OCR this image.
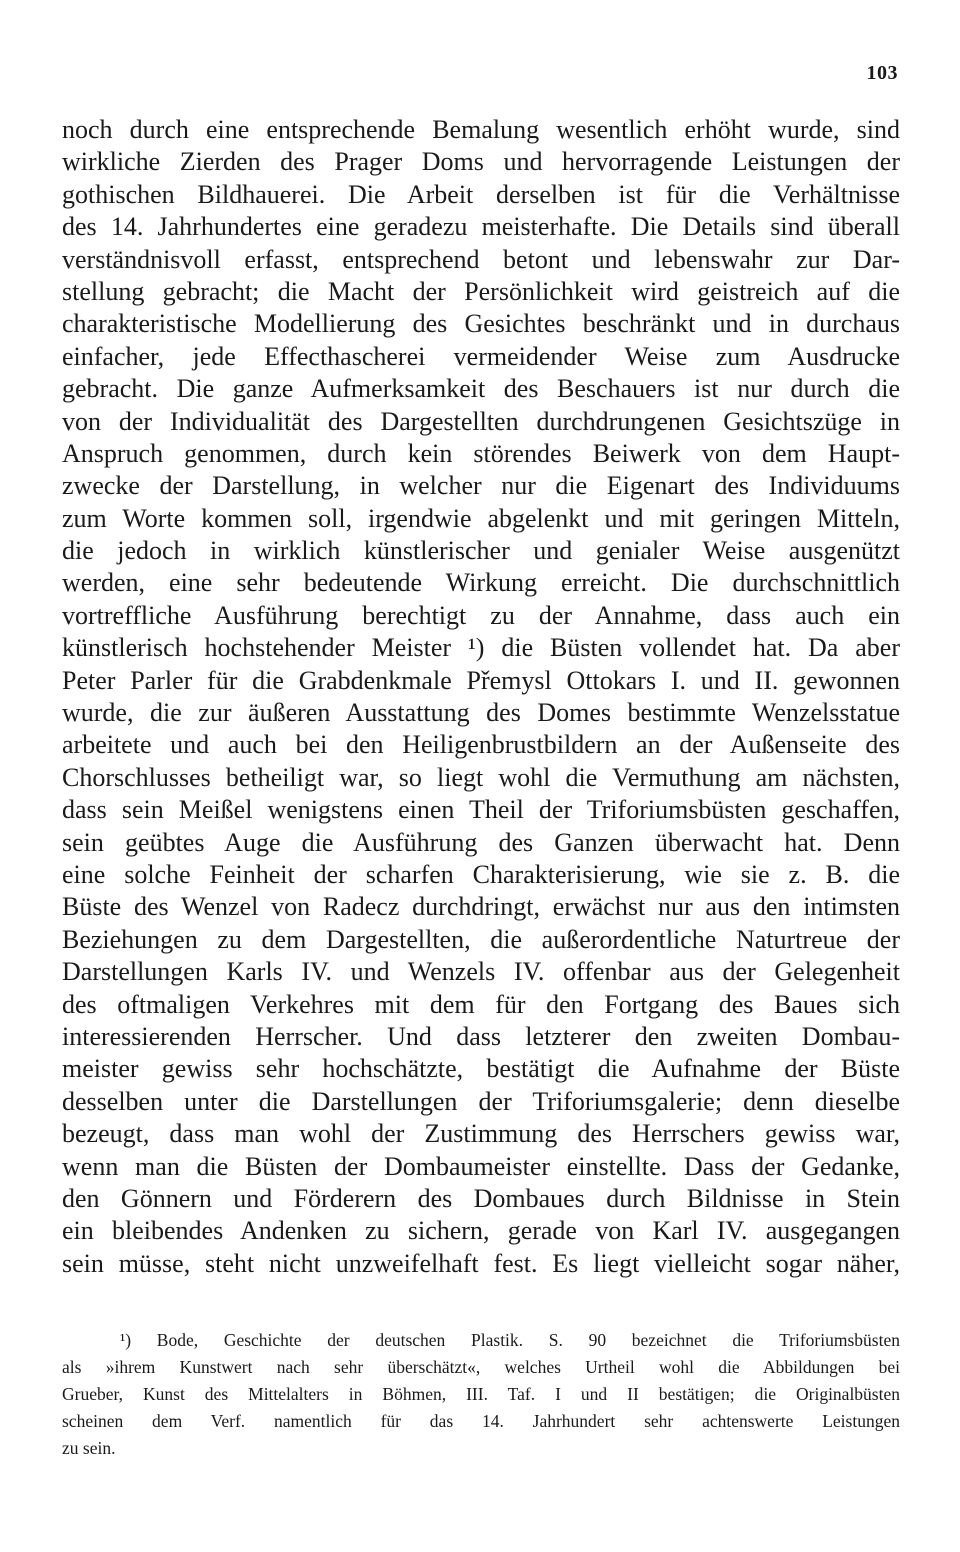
103
noch durch eine entsprechende Bemalung wesentlich erhöht wurde, sind
wirkliche Zierden des Prager Doms und hervorragende Leistungen der
gothischen Bildhauerei. Die Arbeit derselben ist für die Verhältnisse
des 14. Jahrhundertes eine geradezu meisterhafte. Die Details sind überall
verständnisvoll erfasst, entsprechend betont und lebenswahr zur Dar-
stellung gebracht; die Macht der Persönlichkeit wird geistreich auf die
charakteristische Modellierung des Gesichtes beschränkt und in durchaus
einfacher, jede Effecthascherei vermeidender Weise zum Ausdrucke
gebracht. Die ganze Aufmerksamkeit des Beschauers ist nur durch die
von der Individualität des Dargestellten durchdrungenen Gesichtszüge in
Anspruch genommen, durch kein störendes Beiwerk von dem Haupt-
zwecke der Darstellung, in welcher nur die Eigenart des Individuums
zum Worte kommen soll, irgendwie abgelenkt und mit geringen Mitteln,
die jedoch in wirklich künstlerischer und genialer Weise ausgenützt
werden, eine sehr bedeutende Wirkung erreicht. Die durchschnittlich
vortreffliche Ausführung berechtigt zu der Annahme, dass auch ein
künstlerisch hochstehender Meister ¹) die Büsten vollendet hat. Da aber
Peter Parler für die Grabdenkmale Přemysl Ottokars I. und II. gewonnen
wurde, die zur äußeren Ausstattung des Domes bestimmte Wenzelsstatue
arbeitete und auch bei den Heiligenbrustbildern an der Außenseite des
Chorschlusses betheiligt war, so liegt wohl die Vermuthung am nächsten,
dass sein Meißel wenigstens einen Theil der Triforiumsbüsten geschaffen,
sein geübtes Auge die Ausführung des Ganzen überwacht hat. Denn
eine solche Feinheit der scharfen Charakterisierung, wie sie z. B. die
Büste des Wenzel von Radecz durchdringt, erwächst nur aus den intimsten
Beziehungen zu dem Dargestellten, die außerordentliche Naturtreue der
Darstellungen Karls IV. und Wenzels IV. offenbar aus der Gelegenheit
des oftmaligen Verkehres mit dem für den Fortgang des Baues sich
interessierenden Herrscher. Und dass letzterer den zweiten Dombau-
meister gewiss sehr hochschätzte, bestätigt die Aufnahme der Büste
desselben unter die Darstellungen der Triforiumsgalerie; denn dieselbe
bezeugt, dass man wohl der Zustimmung des Herrschers gewiss war,
wenn man die Büsten der Dombaumeister einstellte. Dass der Gedanke,
den Gönnern und Förderern des Dombaues durch Bildnisse in Stein
ein bleibendes Andenken zu sichern, gerade von Karl IV. ausgegangen
sein müsse, steht nicht unzweifelhaft fest. Es liegt vielleicht sogar näher,
¹) Bode, Geschichte der deutschen Plastik. S. 90 bezeichnet die Triforiumsbüsten
als »ihrem Kunstwert nach sehr überschätzt«, welches Urtheil wohl die Abbildungen bei
Grueber, Kunst des Mittelalters in Böhmen, III. Taf. I und II bestätigen; die Originalbüsten
scheinen dem Verf. namentlich für das 14. Jahrhundert sehr achtenswerte Leistungen
zu sein.
